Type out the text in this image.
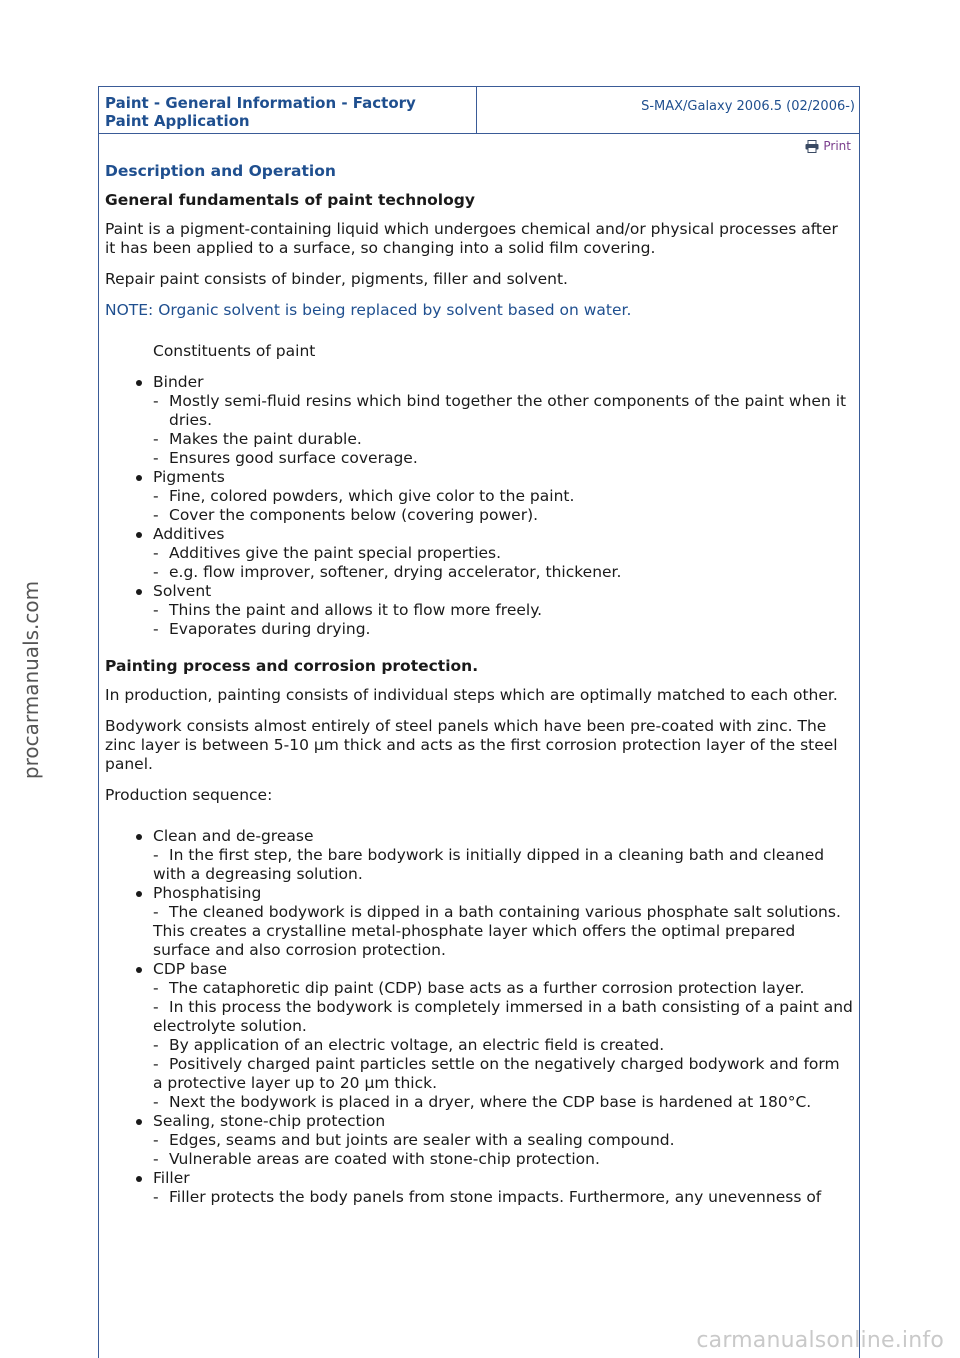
procarmanuals.com
carmanualsonline.info
Paint - General Information - Factory
Paint Application
S-MAX/Galaxy 2006.5 (02/2006-)
Print
Description and Operation
General fundamentals of paint technology

Paint is a pigment-containing liquid which undergoes chemical and/or physical processes after it has been applied to a surface, so changing into a solid film covering.

Repair paint consists of binder, pigments, filler and solvent.

NOTE: Organic solvent is being replaced by solvent based on water.

Constituents of paint
Binder
- Mostly semi-fluid resins which bind together the other components of the paint when it dries.
- Makes the paint durable.
- Ensures good surface coverage.
Pigments
- Fine, colored powders, which give color to the paint.
- Cover the components below (covering power).
Additives
- Additives give the paint special properties.
- e.g. flow improver, softener, drying accelerator, thickener.
Solvent
- Thins the paint and allows it to flow more freely.
- Evaporates during drying.
Painting process and corrosion protection.

In production, painting consists of individual steps which are optimally matched to each other.

Bodywork consists almost entirely of steel panels which have been pre-coated with zinc. The zinc layer is between 5-10 µm thick and acts as the first corrosion protection layer of the steel panel.

Production sequence:

Clean and de-grease
- In the first step, the bare bodywork is initially dipped in a cleaning bath and cleaned with a degreasing solution.
Phosphatising
- The cleaned bodywork is dipped in a bath containing various phosphate salt solutions. This creates a crystalline metal-phosphate layer which offers the optimal prepared surface and also corrosion protection.
CDP base
- The cataphoretic dip paint (CDP) base acts as a further corrosion protection layer.
- In this process the bodywork is completely immersed in a bath consisting of a paint and electrolyte solution.
- By application of an electric voltage, an electric field is created.
- Positively charged paint particles settle on the negatively charged bodywork and form a protective layer up to 20 µm thick.
- Next the bodywork is placed in a dryer, where the CDP base is hardened at 180°C.
Sealing, stone-chip protection
- Edges, seams and but joints are sealer with a sealing compound.
- Vulnerable areas are coated with stone-chip protection.
Filler
- Filler protects the body panels from stone impacts. Furthermore, any unevenness of
